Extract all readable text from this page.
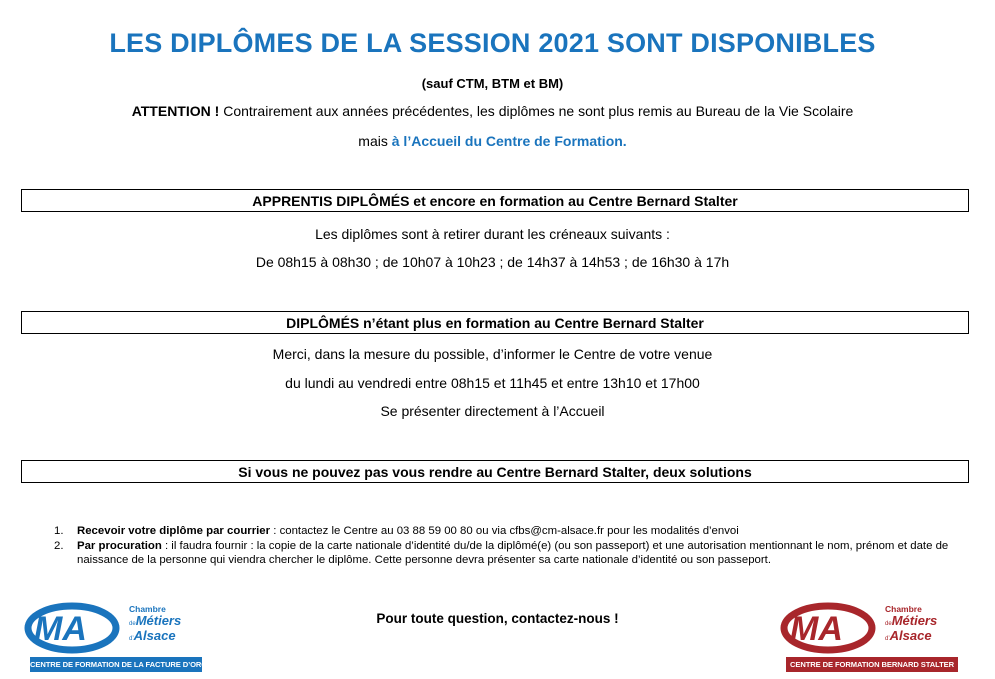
LES DIPLÔMES DE LA SESSION 2021 SONT DISPONIBLES
(sauf CTM, BTM et BM)
ATTENTION ! Contrairement aux années précédentes, les diplômes ne sont plus remis au Bureau de la Vie Scolaire
mais à l’Accueil du Centre de Formation.
APPRENTIS DIPLÔMÉS et encore en formation au Centre Bernard Stalter
Les diplômes sont à retirer durant les créneaux suivants :
De 08h15 à 08h30 ; de 10h07 à 10h23 ; de 14h37 à 14h53 ; de 16h30 à 17h
DIPLÔMÉS n’étant plus en formation au Centre Bernard Stalter
Merci, dans la mesure du possible, d’informer le Centre de votre venue
du lundi au vendredi entre 08h15 et 11h45 et entre 13h10 et 17h00
Se présenter directement à l’Accueil
Si vous ne pouvez pas vous rendre au Centre Bernard Stalter, deux solutions
1. Recevoir votre diplôme par courrier : contactez le Centre au 03 88 59 00 80 ou via cfbs@cm-alsace.fr pour les modalités d’envoi
2. Par procuration : il faudra fournir : la copie de la carte nationale d’identité du/de la diplômé(e) (ou son passeport) et une autorisation mentionnant le nom, prénom et date de naissance de la personne qui viendra chercher le diplôme. Cette personne devra présenter sa carte nationale d’identité ou son passeport.
Pour toute question, contactez-nous !
MA
Chambre
deMétiers
d’Alsace
CENTRE DE FORMATION DE LA FACTURE D’ORGUES
MA
Chambre
deMétiers
d’Alsace
CENTRE DE FORMATION BERNARD STALTER
